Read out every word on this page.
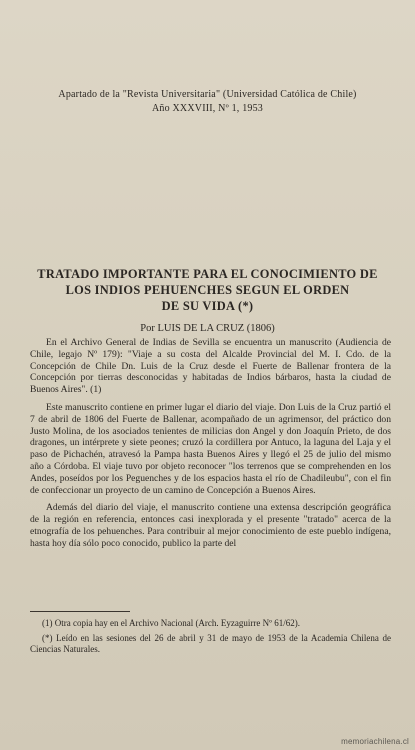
Apartado de la "Revista Universitaria" (Universidad Católica de Chile)
Año XXXVIII, Nº 1, 1953
TRATADO IMPORTANTE PARA EL CONOCIMIENTO DE
LOS INDIOS PEHUENCHES SEGUN EL ORDEN
DE SU VIDA (*)
Por LUIS DE LA CRUZ (1806)

En el Archivo General de Indias de Sevilla se encuentra un manuscrito (Audiencia de Chile, legajo Nº 179): "Viaje a su costa del Alcalde Provincial del M. I. Cdo. de la Concepción de Chile Dn. Luis de la Cruz desde el Fuerte de Ballenar frontera de la Concepción por tierras desconocidas y habitadas de Indios bárbaros, hasta la ciudad de Buenos Aires". (1)

Este manuscrito contiene en primer lugar el diario del viaje. Don Luis de la Cruz partió el 7 de abril de 1806 del Fuerte de Ballenar, acompañado de un agrimensor, del práctico don Justo Molina, de los asociados tenientes de milicias don Angel y don Joaquín Prieto, de dos dragones, un intérprete y siete peones; cruzó la cordillera por Antuco, la laguna del Laja y el paso de Pichachén, atravesó la Pampa hasta Buenos Aires y llegó el 25 de julio del mismo año a Córdoba. El viaje tuvo por objeto reconocer "los terrenos que se comprehenden en los Andes, poseídos por los Peguenches y de los espacios hasta el río de Chadileubu", con el fin de confeccionar un proyecto de un camino de Concepción a Buenos Aires.

Además del diario del viaje, el manuscrito contiene una extensa descripción geográfica de la región en referencia, entonces casi inexplorada y el presente "tratado" acerca de la etnografía de los pehuenches. Para contribuir al mejor conocimiento de este pueblo indígena, hasta hoy día sólo poco conocido, publico la parte del

(1) Otra copia hay en el Archivo Nacional (Arch. Eyzaguirre Nº 61/62).

(*) Leído en las sesiones del 26 de abril y 31 de mayo de 1953 de la Academia Chilena de Ciencias Naturales.

memoriachilena.cl
